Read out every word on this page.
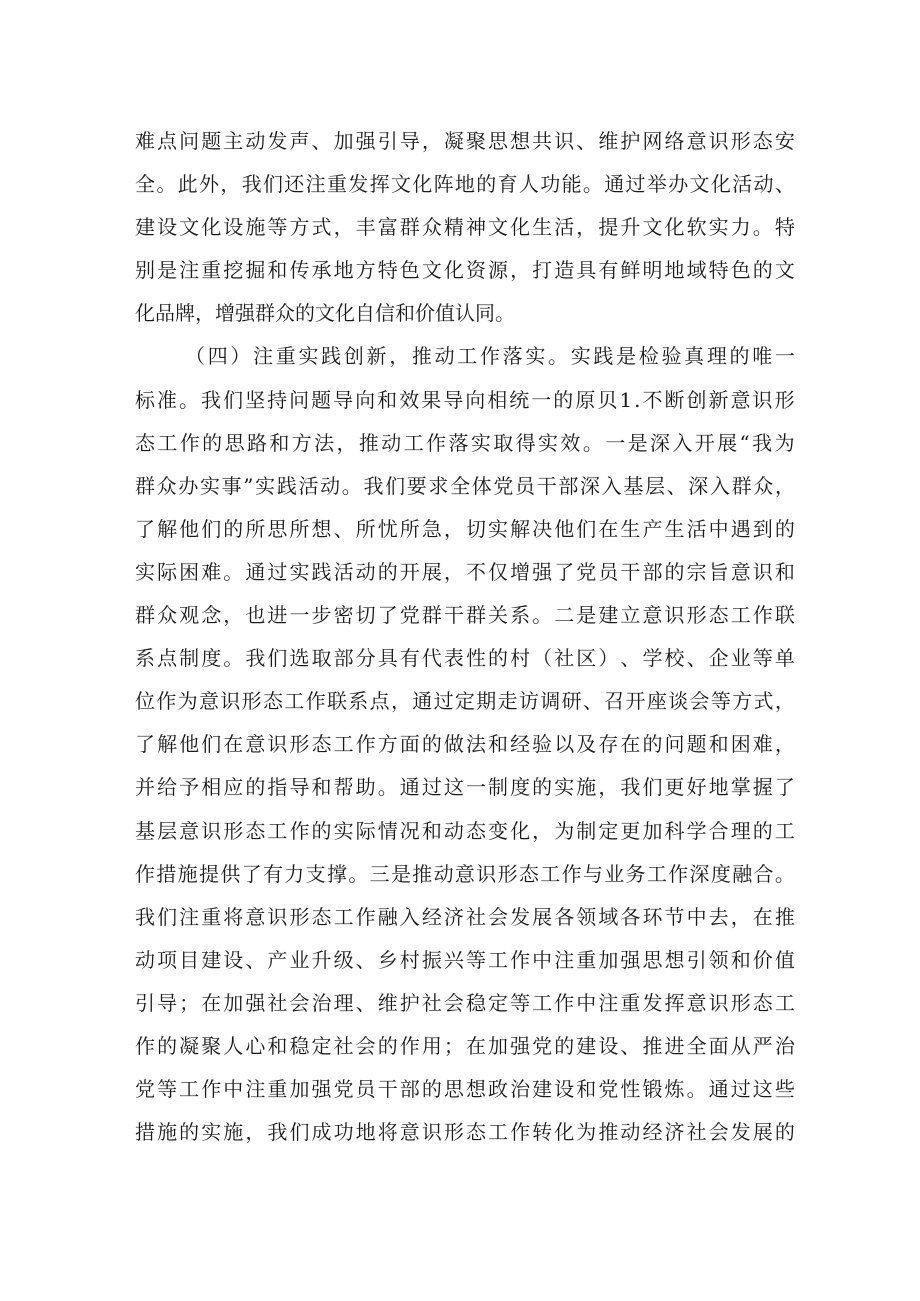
难 点 问 题 主 动 发 声 、 加 强 引 导 ， 凝 聚 思 想 共 识 、 维 护 网 络 意 识 形 态 安
全 。 此 外 ， 我 们 还 注 重 发 挥 文 化 阵 地 的 育 人 功 能 。 通 过 举 办 文 化 活 动 、
建 设 文 化 设 施 等 方 式 ， 丰 富 群 众 精 神 文 化 生 活 ， 提 升 文 化 软 实 力 。 特
别 是 注 重 挖 掘 和 传 承 地 方 特 色 文 化 资 源 ， 打 造 具 有 鲜 明 地 域 特 色 的 文
化 品 牌 ， 增 强 群 众 的 文 化 自 信 和 价 值 认 同 。
（ 四 ） 注 重 实 践 创 新 ， 推 动 工 作 落 实 。 实 践 是 检 验 真 理 的 唯 一
标 准 。 我 们 坚 持 问 题 导 向 和 效 果 导 向 相 统 一 的 原 贝 1 . 不 断 创 新 意 识 形
态 工 作 的 思 路 和 方 法 ， 推 动 工 作 落 实 取 得 实 效 。 一 是 深 入 开 展 “ 我 为
群 众 办 实 事 ” 实 践 活 动 。 我 们 要 求 全 体 党 员 干 部 深 入 基 层 、 深 入 群 众 ，
了 解 他 们 的 所 思 所 想 、 所 忧 所 急 ， 切 实 解 决 他 们 在 生 产 生 活 中 遇 到 的
实 际 困 难 。 通 过 实 践 活 动 的 开 展 ， 不 仅 增 强 了 党 员 干 部 的 宗 旨 意 识 和
群 众 观 念 ， 也 进 一 步 密 切 了 党 群 干 群 关 系 。 二 是 建 立 意 识 形 态 工 作 联
系 点 制 度 。 我 们 选 取 部 分 具 有 代 表 性 的 村 （ 社 区 ） 、 学 校 、 企 业 等 单
位 作 为 意 识 形 态 工 作 联 系 点 ， 通 过 定 期 走 访 调 研 、 召 开 座 谈 会 等 方 式 ，
了 解 他 们 在 意 识 形 态 工 作 方 面 的 做 法 和 经 验 以 及 存 在 的 问 题 和 困 难 ，
并 给 予 相 应 的 指 导 和 帮 助 。 通 过 这 一 制 度 的 实 施 ， 我 们 更 好 地 掌 握 了
基 层 意 识 形 态 工 作 的 实 际 情 况 和 动 态 变 化 ， 为 制 定 更 加 科 学 合 理 的 工
作 措 施 提 供 了 有 力 支 撑 。 三 是 推 动 意 识 形 态 工 作 与 业 务 工 作 深 度 融 合 。
我 们 注 重 将 意 识 形 态 工 作 融 入 经 济 社 会 发 展 各 领 域 各 环 节 中 去 ， 在 推
动 项 目 建 设 、 产 业 升 级 、 乡 村 振 兴 等 工 作 中 注 重 加 强 思 想 引 领 和 价 值
引 导 ； 在 加 强 社 会 治 理 、 维 护 社 会 稳 定 等 工 作 中 注 重 发 挥 意 识 形 态 工
作 的 凝 聚 人 心 和 稳 定 社 会 的 作 用 ； 在 加 强 党 的 建 设 、 推 进 全 面 从 严 治
党 等 工 作 中 注 重 加 强 党 员 干 部 的 思 想 政 治 建 设 和 党 性 锻 炼 。 通 过 这 些
措 施 的 实 施 ， 我 们 成 功 地 将 意 识 形 态 工 作 转 化 为 推 动 经 济 社 会 发 展 的
